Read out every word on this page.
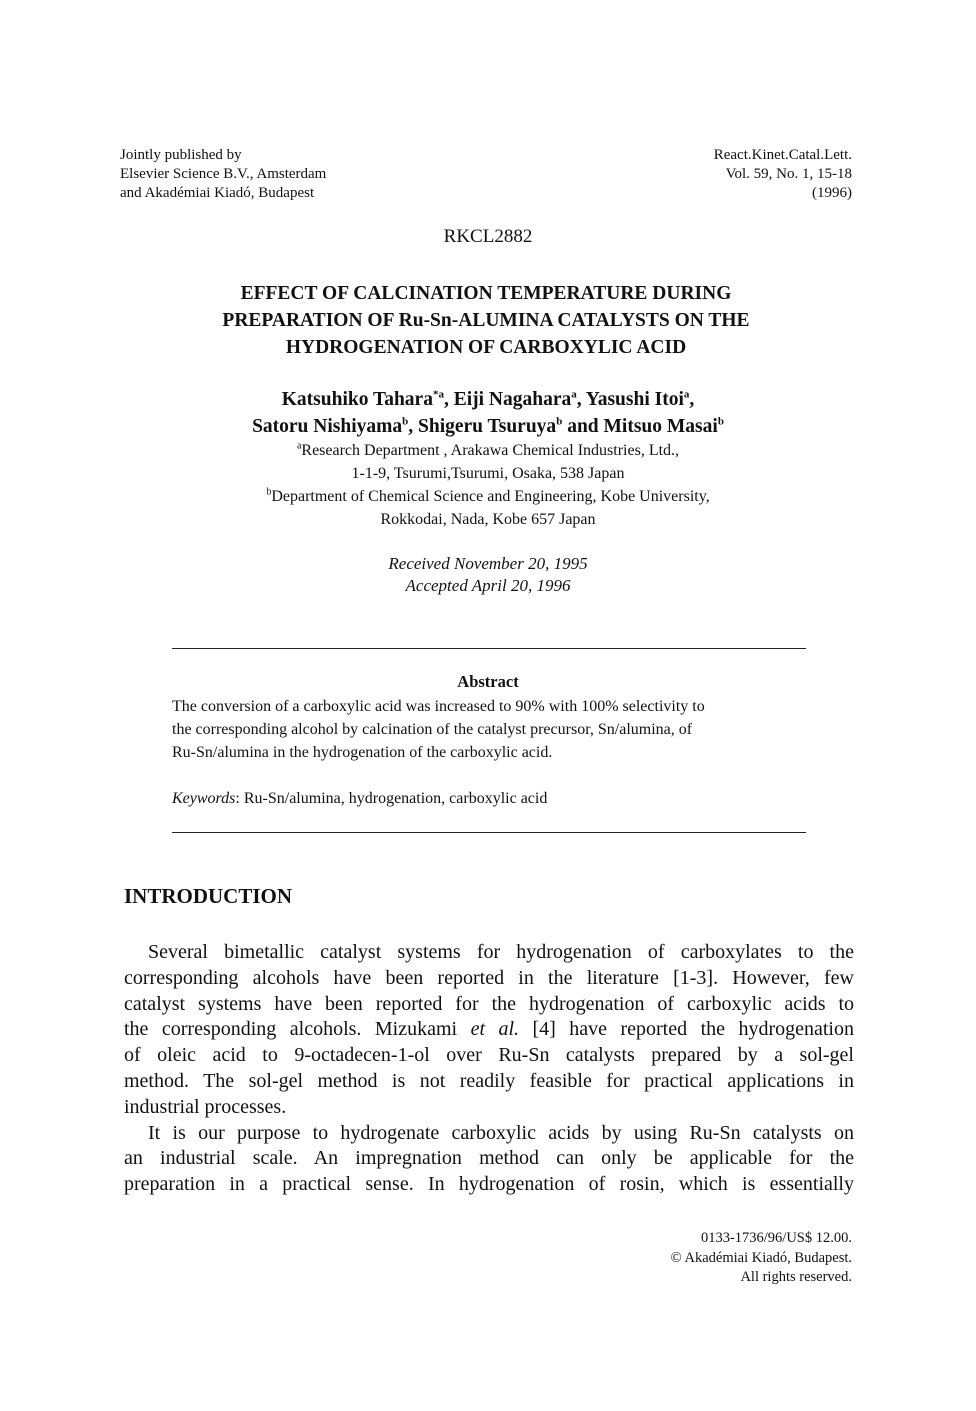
Jointly published by
Elsevier Science B.V., Amsterdam
and Akadémiai Kiadó, Budapest
React.Kinet.Catal.Lett.
Vol. 59, No. 1, 15-18
(1996)
RKCL2882
EFFECT OF CALCINATION TEMPERATURE DURING
PREPARATION OF Ru-Sn-ALUMINA CATALYSTS ON THE
HYDROGENATION OF CARBOXYLIC ACID
Katsuhiko Tahara$^{*a}$, Eiji Nagahara$^a$, Yasushi Itoi$^a$,
Satoru Nishiyama$^b$, Shigeru Tsuruya$^b$ and Mitsuo Masai$^b$
$^a$Research Department , Arakawa Chemical Industries, Ltd.,
1-1-9, Tsurumi,Tsurumi, Osaka, 538 Japan
$^b$Department of Chemical Science and Engineering, Kobe University,
Rokkodai, Nada, Kobe 657 Japan
Received November 20, 1995
Accepted April 20, 1996
Abstract
The conversion of a carboxylic acid was increased to 90% with 100% selectivity to
the corresponding alcohol by calcination of the catalyst precursor, Sn/alumina, of
Ru-Sn/alumina in the hydrogenation of the carboxylic acid.
Keywords: Ru-Sn/alumina, hydrogenation, carboxylic acid
INTRODUCTION
Several bimetallic catalyst systems for hydrogenation of carboxylates to the
corresponding alcohols have been reported in the literature [1-3]. However, few
catalyst systems have been reported for the hydrogenation of carboxylic acids to
the corresponding alcohols. Mizukami et al. [4] have reported the hydrogenation
of oleic acid to 9-octadecen-1-ol over Ru-Sn catalysts prepared by a sol-gel
method. The sol-gel method is not readily feasible for practical applications in
industrial processes.
It is our purpose to hydrogenate carboxylic acids by using Ru-Sn catalysts on
an industrial scale. An impregnation method can only be applicable for the
preparation in a practical sense. In hydrogenation of rosin, which is essentially
0133-1736/96/US$ 12.00.
© Akadémiai Kiadó, Budapest.
All rights reserved.
